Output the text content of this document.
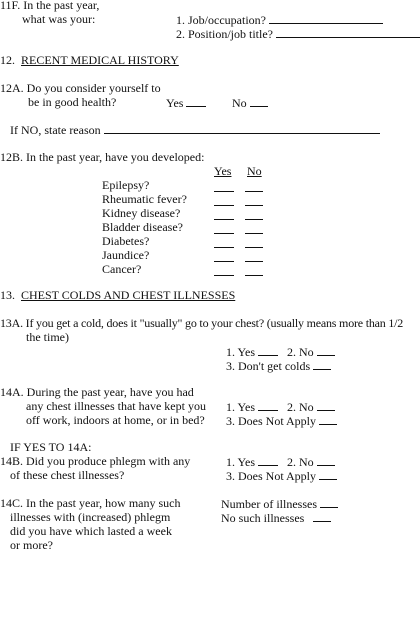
11F. In the past year,
what was your:	1. Job/occupation?
2. Position/job title?
12. RECENT MEDICAL HISTORY
12A. Do you consider yourself to
be in good health?	Yes	No
If NO, state reason
12B. In the past year, have you developed:
Yes No
Epilepsy?
Rheumatic fever?
Kidney disease?
Bladder disease?
Diabetes?
Jaundice?
Cancer?
13. CHEST COLDS AND CHEST ILLNESSES
13A. If you get a cold, does it "usually" go to your chest? (usually means more than 1/2
the time)
1. Yes	2. No
3. Don't get colds
14A. During the past year, have you had
any chest illnesses that have kept you
off work, indoors at home, or in bed?
1. Yes	2. No
3. Does Not Apply
IF YES TO 14A:
14B. Did you produce phlegm with any
of these chest illnesses?
1. Yes	2. No
3. Does Not Apply
14C. In the past year, how many such
illnesses with (increased) phlegm
did you have which lasted a week
or more?
Number of illnesses
No such illnesses
